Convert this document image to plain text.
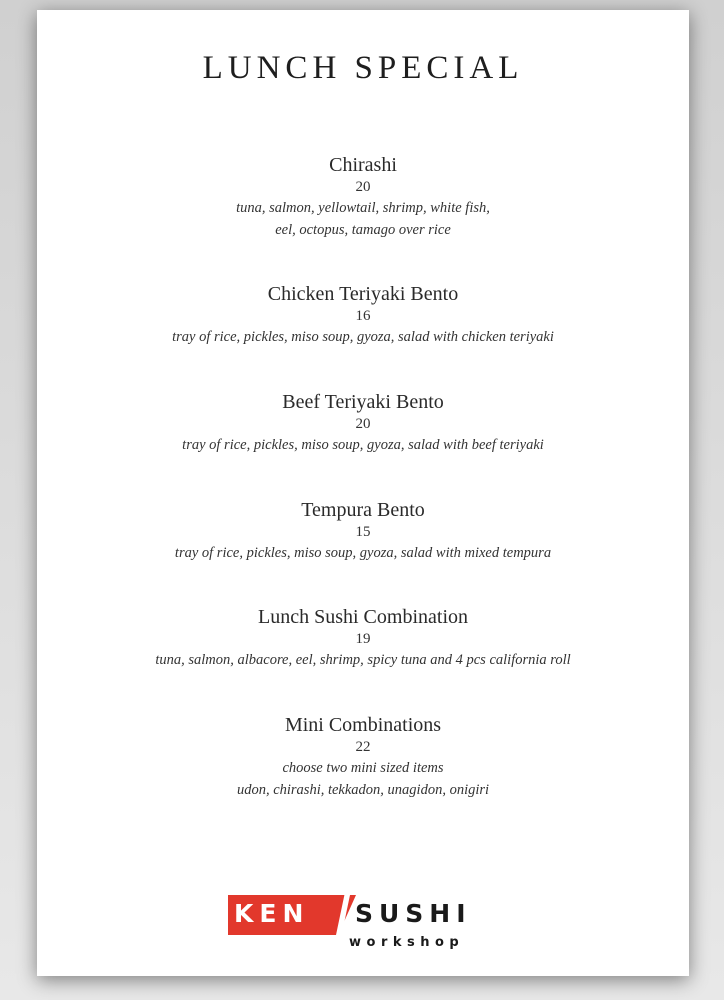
LUNCH SPECIAL

Chirashi

20

tuna, salmon, yellowtail, shrimp, white fish,

eel, octopus, tamago over rice

Chicken Teriyaki Bento

16

tray of rice, pickles, miso soup, gyoza, salad with chicken teriyaki

Beef Teriyaki Bento

20

tray of rice, pickles, miso soup, gyoza, salad with beef teriyaki

Tempura Bento

15

tray of rice, pickles, miso soup, gyoza, salad with mixed tempura

Lunch Sushi Combination

19

tuna, salmon, albacore, eel, shrimp, spicy tuna and 4 pcs california roll

Mini Combinations

22

choose two mini sized items

udon, chirashi, tekkadon, unagidon, onigiri

KEN SUSHI
workshop
